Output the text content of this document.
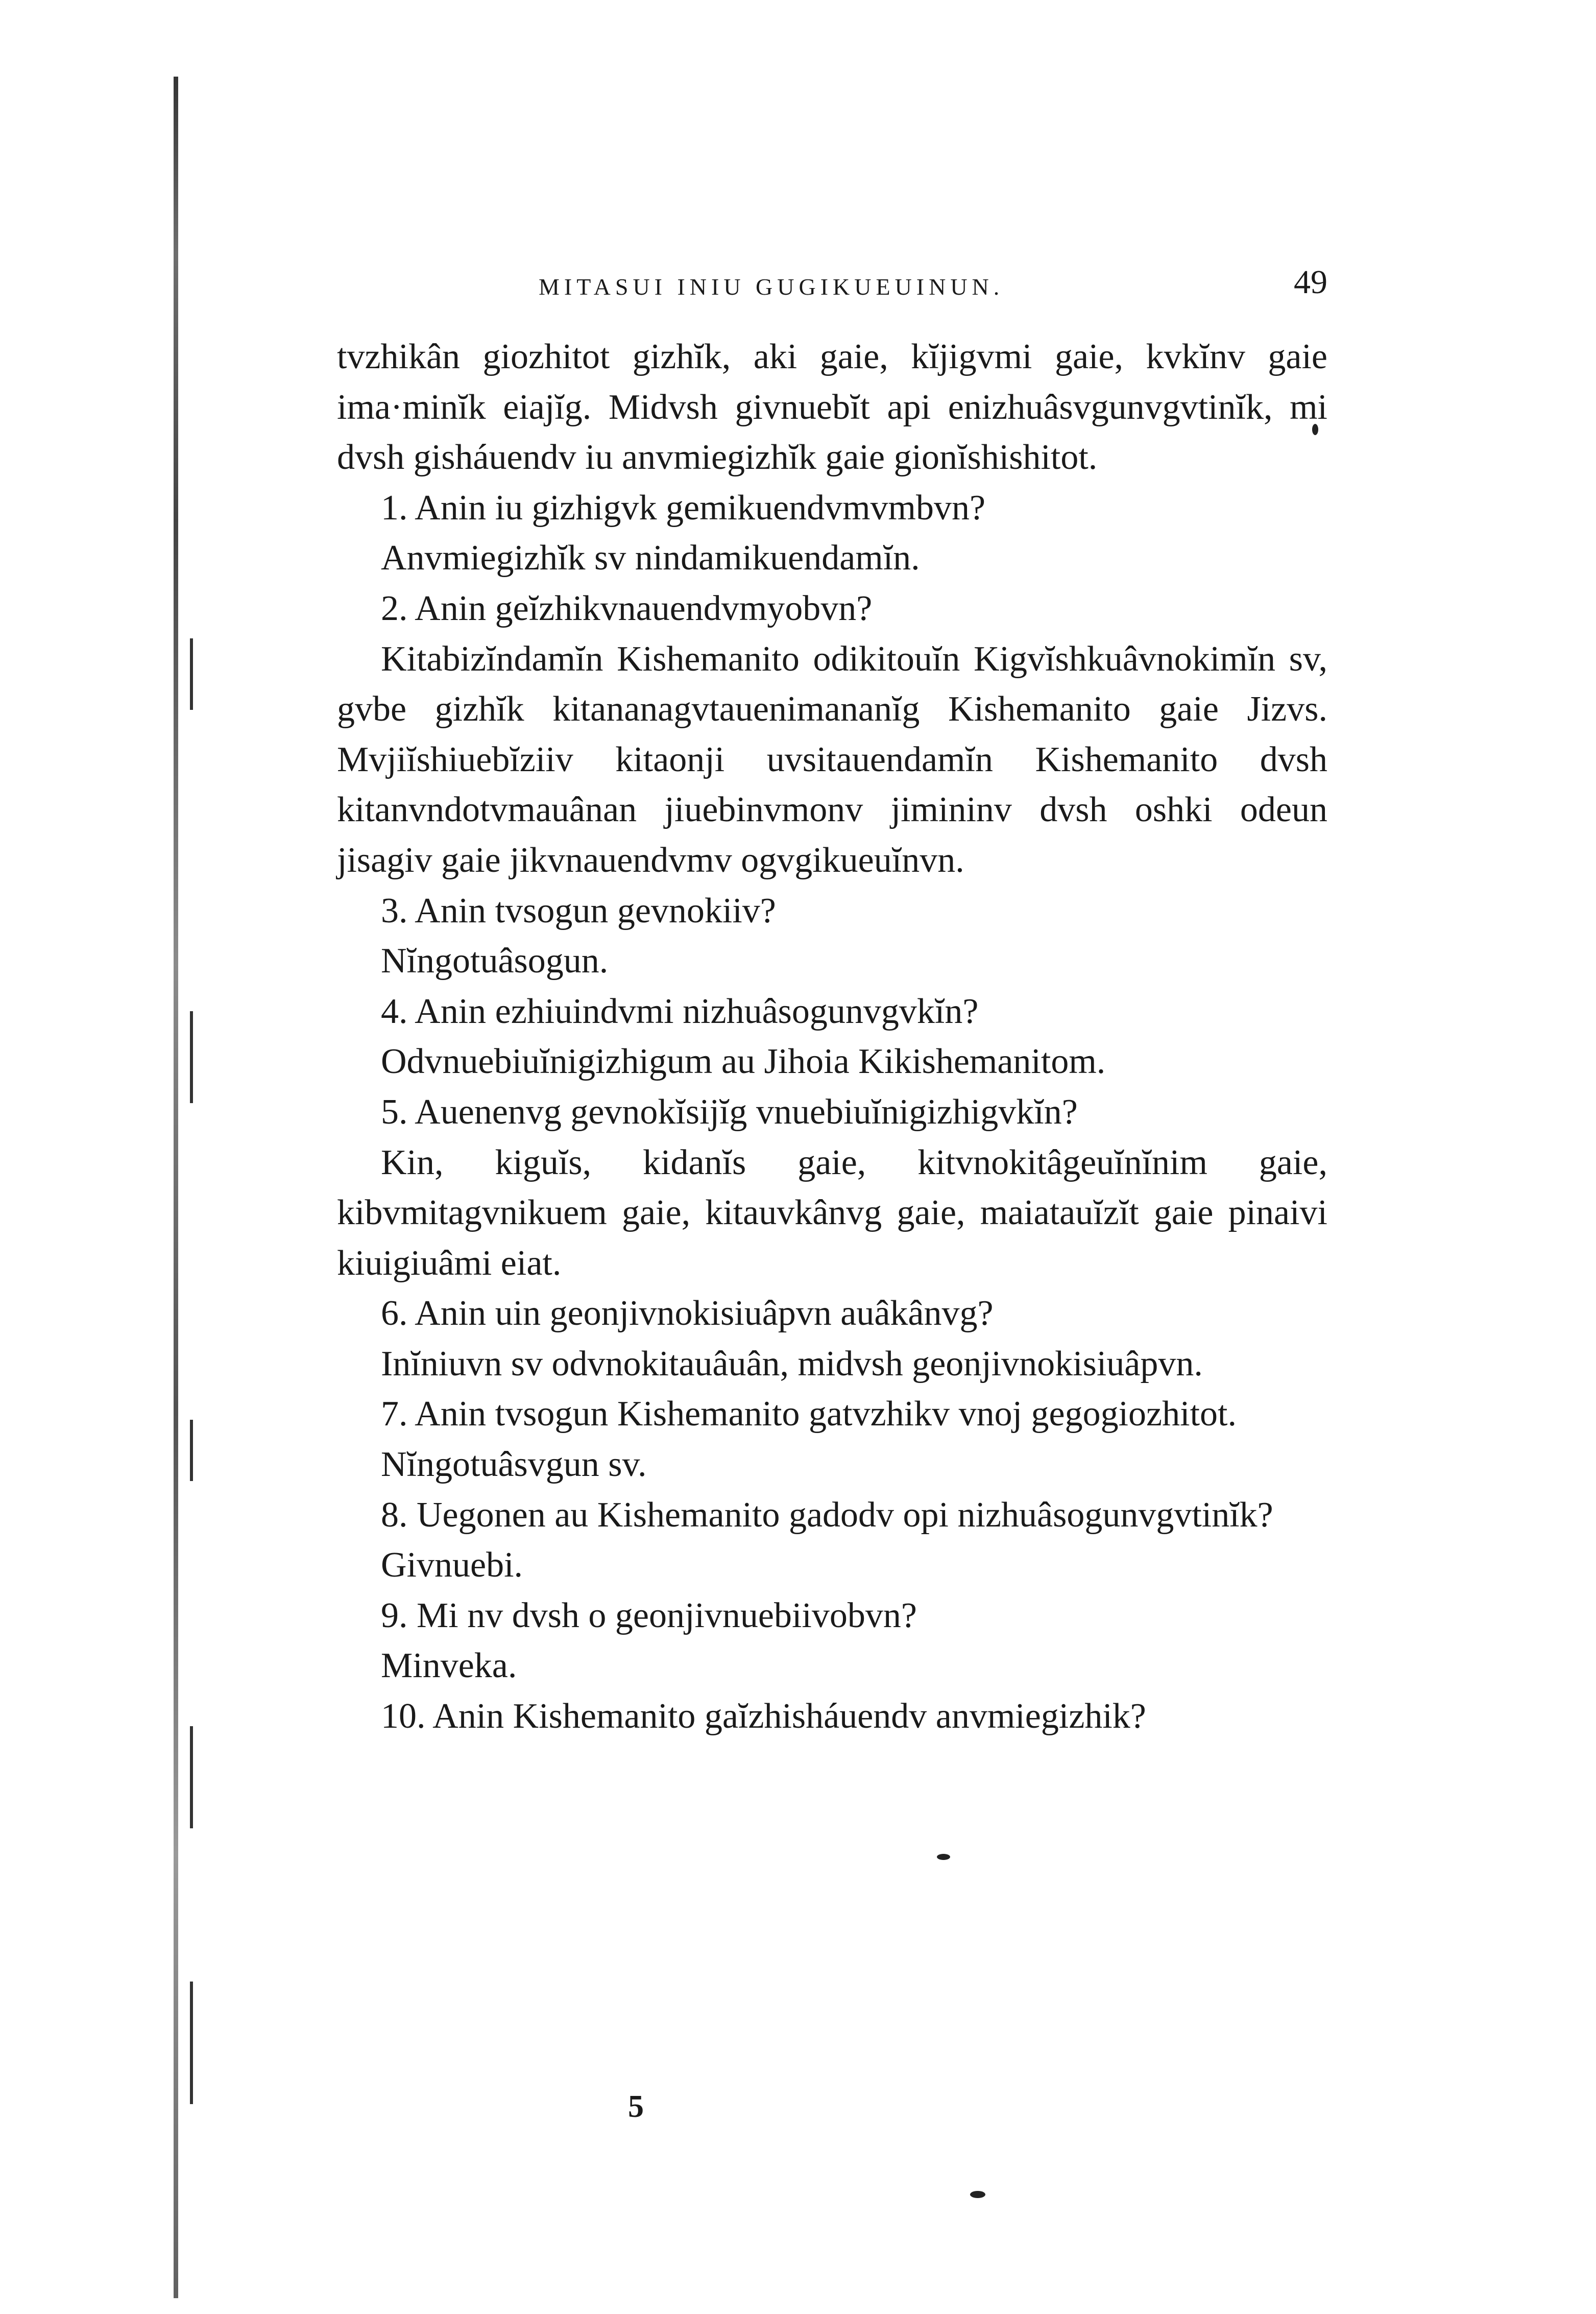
MITASUI INIU GUGIKUEUINUN.	49

tvzhikân giozhitot gizhĭk, aki gaie, kĭjigvmi gaie, kvkĭnv gaie ima·minĭk eiajĭg. Midvsh givnuebĭt api enizhuâsvgunvgvtinĭk, mi dvsh gisháuendv iu anvmiegizhĭk gaie gionĭshishitot.

1. Anin iu gizhigvk gemikuendvmvmbvn?

Anvmiegizhĭk sv nindamikuendamĭn.

2. Anin geĭzhikvnauendvmyobvn?

Kitabizĭndamĭn Kishemanito odikitouĭn Kigvĭshkuâvnokimĭn sv, gvbe gizhĭk kitananagvtauenimananĭg Kishemanito gaie Jizvs. Mvjiĭshiuebĭziiv kitaonji uvsitauendamĭn Kishemanito dvsh kitanvndotvmauânan jiuebinvmonv jimininv dvsh oshki odeun jisagiv gaie jikvnauendvmv ogvgikueuĭnvn.

3. Anin tvsogun gevnokiiv?

Nĭngotuâsogun.

4. Anin ezhiuindvmi nizhuâsogunvgvkĭn?

Odvnuebiuĭnigizhigum au Jihoia Kikishemanitom.

5. Auenenvg gevnokĭsijĭg vnuebiuĭnigizhigvkĭn?

Kin, kiguĭs, kidanĭs gaie, kitvnokitâgeuĭnĭnim gaie, kibvmitagvnikuem gaie, kitauvkânvg gaie, maiatauĭzĭt gaie pinaivi kiuigiuâmi eiat.

6. Anin uin geonjivnokisiuâpvn auâkânvg?

Inĭniuvn sv odvnokitauâuân, midvsh geonjivnokisiuâpvn.

7. Anin tvsogun Kishemanito gatvzhikv vnoj gegogiozhitot.

Nĭngotuâsvgun sv.

8. Uegonen au Kishemanito gadodv opi nizhuâsogunvgvtinĭk?

Givnuebi.

9. Mi nv dvsh o geonjivnuebiivobvn?

Minveka.

10. Anin Kishemanito gaĭzhisháuendv anvmiegizhik?

5
